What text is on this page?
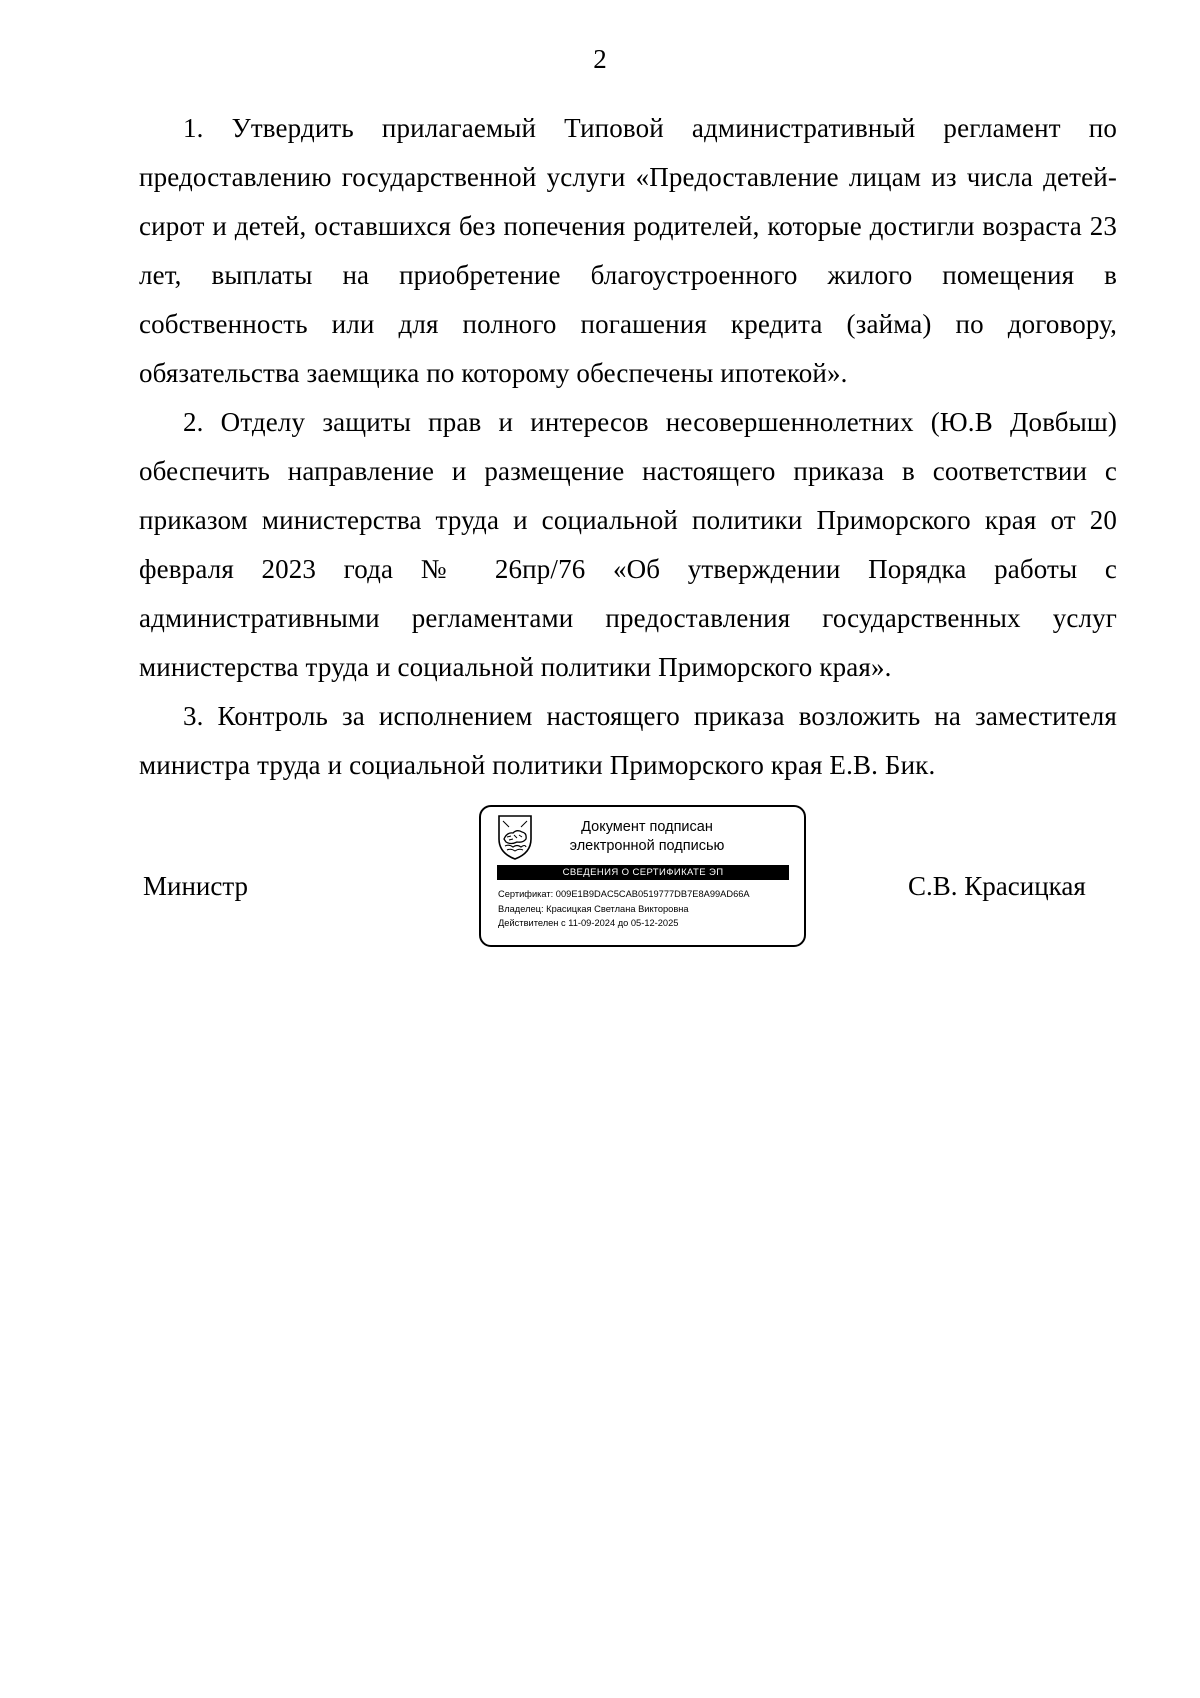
2

1. Утвердить прилагаемый Типовой административный регламент по предоставлению государственной услуги «Предоставление лицам из числа детей-сирот и детей, оставшихся без попечения родителей, которые достигли возраста 23 лет, выплаты на приобретение благоустроенного жилого помещения в собственность или для полного погашения кредита (займа) по договору, обязательства заемщика по которому обеспечены ипотекой».

2. Отделу защиты прав и интересов несовершеннолетних (Ю.В Довбыш) обеспечить направление и размещение настоящего приказа в соответствии с приказом министерства труда и социальной политики Приморского края от 20 февраля 2023 года № 26пр/76 «Об утверждении Порядка работы с административными регламентами предоставления государственных услуг министерства труда и социальной политики Приморского края».

3. Контроль за исполнением настоящего приказа возложить на заместителя министра труда и социальной политики Приморского края Е.В. Бик.

Министр
Документ подписан
электронной подписью
СВЕДЕНИЯ О СЕРТИФИКАТЕ ЭП
Сертификат: 009E1B9DAC5CAB0519777DB7E8A99AD66A
Владелец: Красицкая Светлана Викторовна
Действителен с 11-09-2024 до 05-12-2025
С.В. Красицкая
